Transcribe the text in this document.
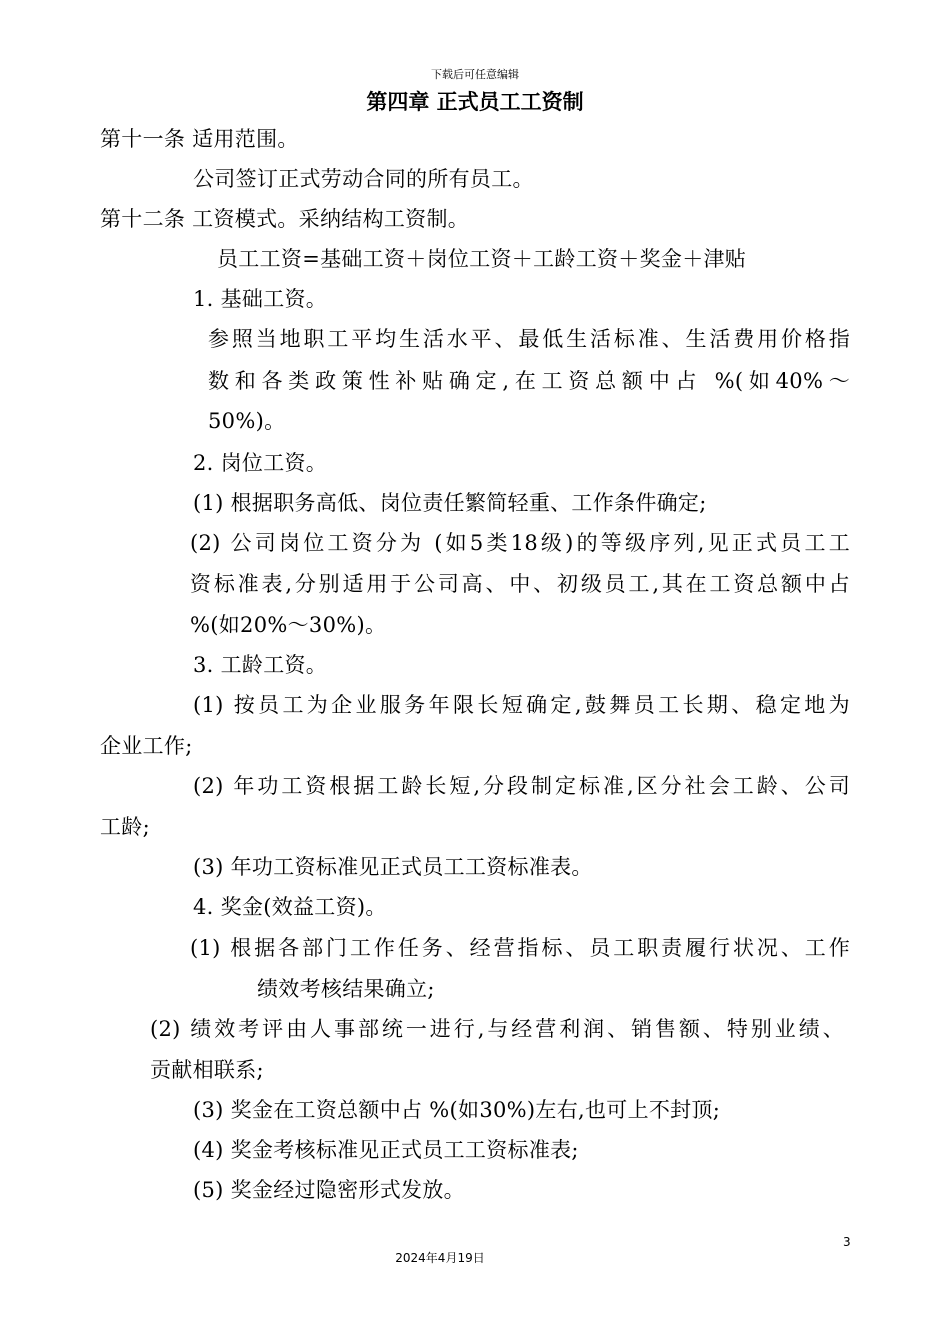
下载后可任意编辑
第四章 正式员工工资制
第十一条 适用范围。
公司签订正式劳动合同的所有员工。
第十二条 工资模式。采纳结构工资制。
员工工资=基础工资＋岗位工资＋工龄工资＋奖金＋津贴
1. 基础工资。
参照当地职工平均生活水平、最低生活标准、生活费用价格指
数和各类政策性补贴确定,在工资总额中占 %(如40%～
50%)。
2. 岗位工资。
(1) 根据职务高低、岗位责任繁简轻重、工作条件确定;
(2) 公司岗位工资分为 (如5类18级)的等级序列,见正式员工工
资标准表,分别适用于公司高、中、初级员工,其在工资总额中占
%(如20%～30%)。
3. 工龄工资。
(1) 按员工为企业服务年限长短确定,鼓舞员工长期、稳定地为
企业工作;
(2) 年功工资根据工龄长短,分段制定标准,区分社会工龄、公司
工龄;
(3) 年功工资标准见正式员工工资标准表。
4. 奖金(效益工资)。
(1) 根据各部门工作任务、经营指标、员工职责履行状况、工作
绩效考核结果确立;
(2) 绩效考评由人事部统一进行,与经营利润、销售额、特别业绩、
贡献相联系;
(3) 奖金在工资总额中占 %(如30%)左右,也可上不封顶;
(4) 奖金考核标准见正式员工工资标准表;
(5) 奖金经过隐密形式发放。
3
2024年4月19日
